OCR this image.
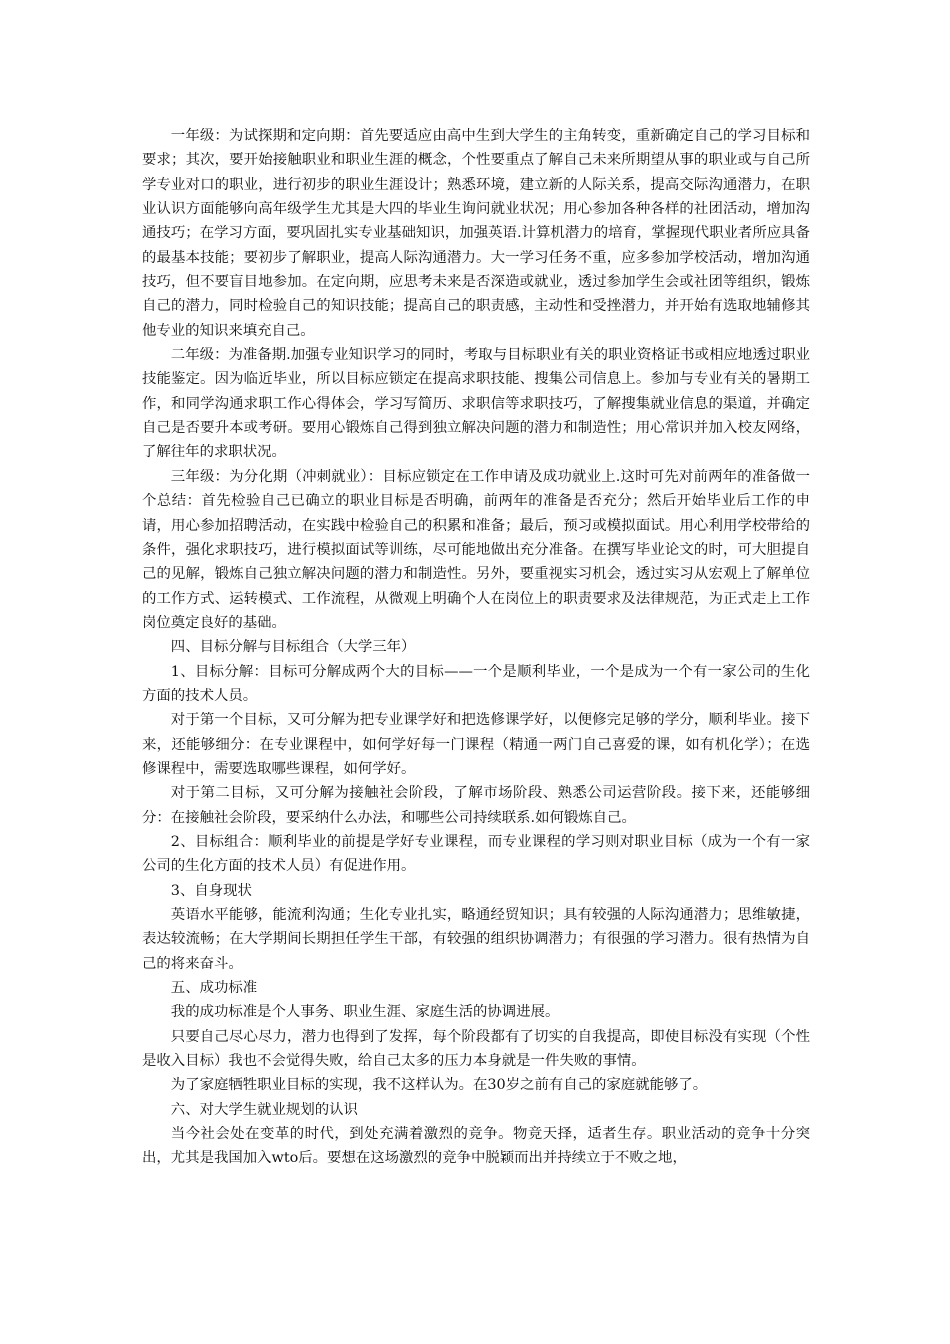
一年级：为试探期和定向期：首先要适应由高中生到大学生的主角转变，重新确定自己的学习目标和要求；其次，要开始接触职业和职业生涯的概念，个性要重点了解自己未来所期望从事的职业或与自己所学专业对口的职业，进行初步的职业生涯设计；熟悉环境，建立新的人际关系，提高交际沟通潜力，在职业认识方面能够向高年级学生尤其是大四的毕业生询问就业状况；用心参加各种各样的社团活动，增加沟通技巧；在学习方面，要巩固扎实专业基础知识，加强英语.计算机潜力的培育，掌握现代职业者所应具备的最基本技能；要初步了解职业，提高人际沟通潜力。大一学习任务不重，应多参加学校活动，增加沟通技巧，但不要盲目地参加。在定向期，应思考未来是否深造或就业，透过参加学生会或社团等组织，锻炼自己的潜力，同时检验自己的知识技能；提高自己的职责感，主动性和受挫潜力，并开始有选取地辅修其他专业的知识来填充自己。

二年级：为准备期.加强专业知识学习的同时，考取与目标职业有关的职业资格证书或相应地透过职业技能鉴定。因为临近毕业，所以目标应锁定在提高求职技能、搜集公司信息上。参加与专业有关的暑期工作，和同学沟通求职工作心得体会，学习写简历、求职信等求职技巧，了解搜集就业信息的渠道，并确定自己是否要升本或考研。要用心锻炼自己得到独立解决问题的潜力和制造性；用心常识并加入校友网络，了解往年的求职状况。

三年级：为分化期（冲刺就业）：目标应锁定在工作申请及成功就业上.这时可先对前两年的准备做一个总结：首先检验自己已确立的职业目标是否明确，前两年的准备是否充分；然后开始毕业后工作的申请，用心参加招聘活动，在实践中检验自己的积累和准备；最后，预习或模拟面试。用心利用学校带给的条件，强化求职技巧，进行模拟面试等训练，尽可能地做出充分准备。在撰写毕业论文的时，可大胆提自己的见解，锻炼自己独立解决问题的潜力和制造性。另外，要重视实习机会，透过实习从宏观上了解单位的工作方式、运转模式、工作流程，从微观上明确个人在岗位上的职责要求及法律规范，为正式走上工作岗位奠定良好的基础。

四、目标分解与目标组合（大学三年）

1、目标分解：目标可分解成两个大的目标——一个是顺利毕业，一个是成为一个有一家公司的生化方面的技术人员。

对于第一个目标，又可分解为把专业课学好和把选修课学好，以便修完足够的学分，顺利毕业。接下来，还能够细分：在专业课程中，如何学好每一门课程（精通一两门自己喜爱的课，如有机化学）；在选修课程中，需要选取哪些课程，如何学好。

对于第二目标，又可分解为接触社会阶段，了解市场阶段、熟悉公司运营阶段。接下来，还能够细分：在接触社会阶段，要采纳什么办法，和哪些公司持续联系.如何锻炼自己。

2、目标组合：顺利毕业的前提是学好专业课程，而专业课程的学习则对职业目标（成为一个有一家公司的生化方面的技术人员）有促进作用。

3、自身现状

英语水平能够，能流利沟通；生化专业扎实，略通经贸知识；具有较强的人际沟通潜力；思维敏捷，表达较流畅；在大学期间长期担任学生干部，有较强的组织协调潜力；有很强的学习潜力。很有热情为自己的将来奋斗。

五、成功标准

我的成功标准是个人事务、职业生涯、家庭生活的协调进展。

只要自己尽心尽力，潜力也得到了发挥，每个阶段都有了切实的自我提高，即使目标没有实现（个性是收入目标）我也不会觉得失败，给自己太多的压力本身就是一件失败的事情。

为了家庭牺牲职业目标的实现，我不这样认为。在30岁之前有自己的家庭就能够了。

六、对大学生就业规划的认识

当今社会处在变革的时代，到处充满着激烈的竞争。物竞天择，适者生存。职业活动的竞争十分突出，尤其是我国加入wto后。要想在这场激烈的竞争中脱颖而出并持续立于不败之地，
